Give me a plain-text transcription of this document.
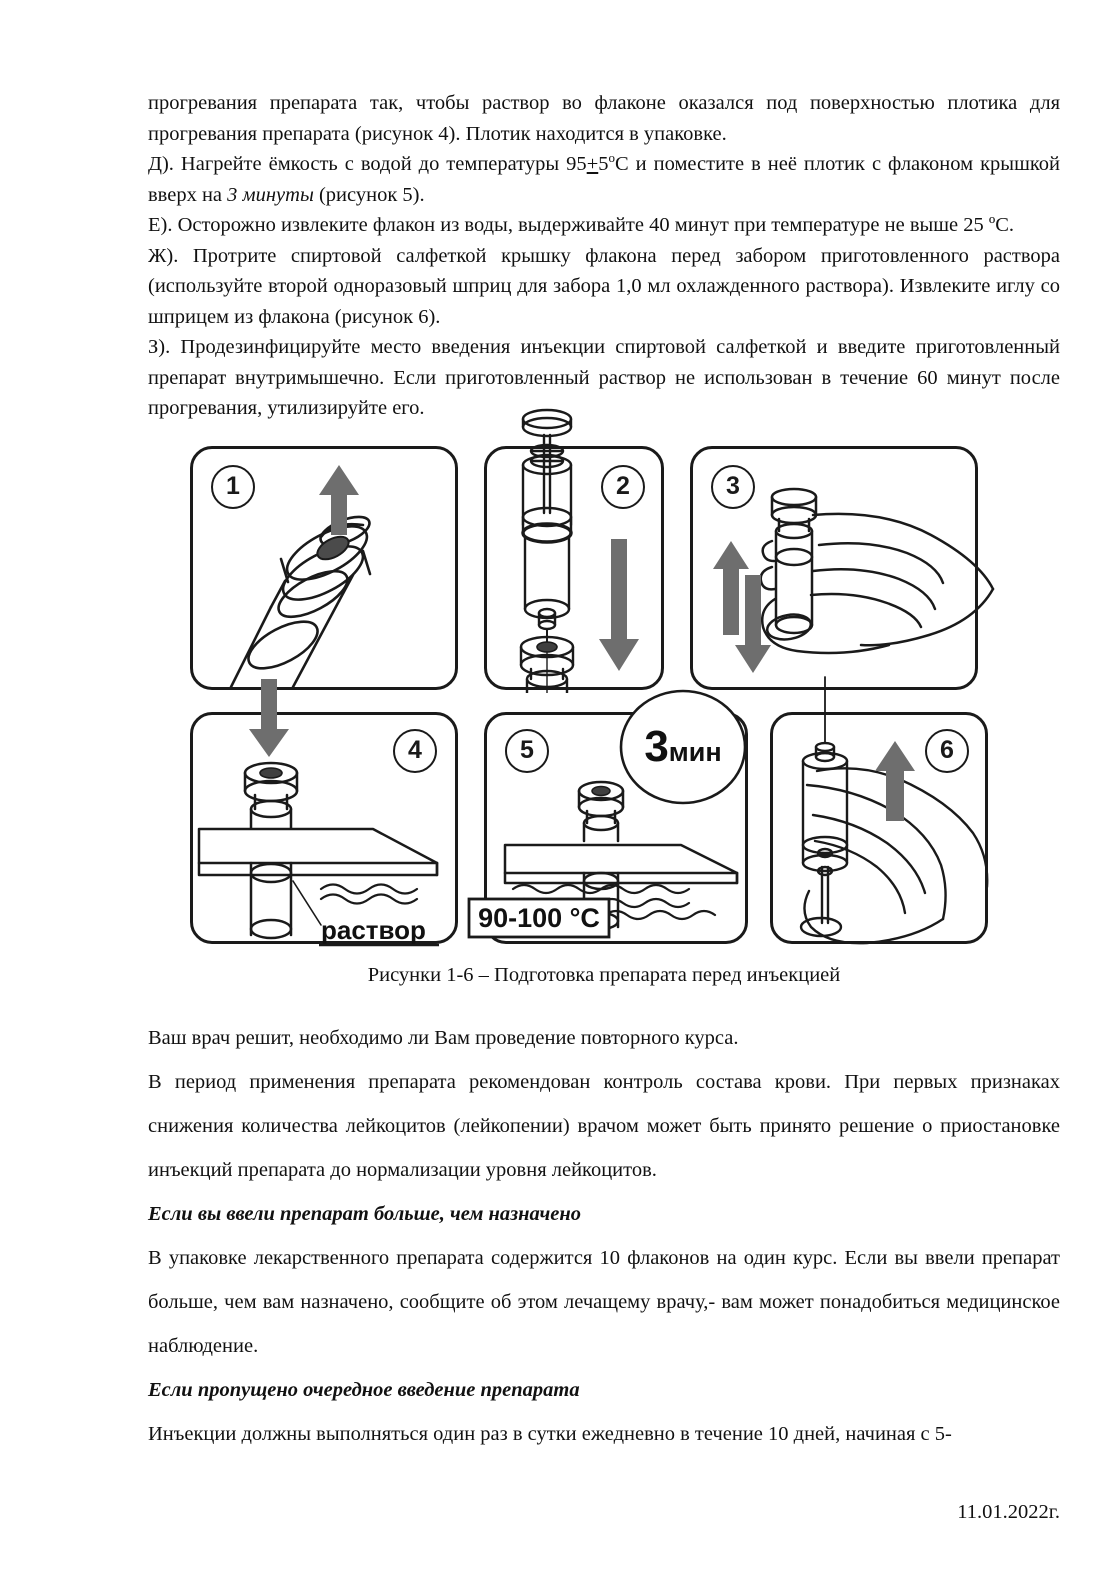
прогревания препарата так, чтобы раствор во флаконе оказался под поверхностью плотика для прогревания препарата (рисунок 4). Плотик находится в упаковке.

Д). Нагрейте ёмкость с водой до температуры $95+5^оС$ и поместите в неё плотик с флаконом крышкой вверх на 3 минуты (рисунок 5).

Е). Осторожно извлеките флакон из воды, выдерживайте 40 минут при температуре не выше 25 ºС.

Ж). Протрите спиртовой салфеткой крышку флакона перед забором приготовленного раствора (используйте второй одноразовый шприц для забора 1,0 мл охлажденного раствора). Извлеките иглу со шприцем из флакона (рисунок 6).

З). Продезинфицируйте место введения инъекции спиртовой салфеткой и введите приготовленный препарат внутримышечно. Если приготовленный раствор не использован в течение 60 минут после прогревания, утилизируйте его.

1	2	3
4
раствор
5	3мин
90-100 °C
6

Рисунки 1-6 – Подготовка препарата перед инъекцией

Ваш врач решит, необходимо ли Вам проведение повторного курса.

В период применения препарата рекомендован контроль состава крови. При первых признаках снижения количества лейкоцитов (лейкопении) врачом может быть принято решение о приостановке инъекций препарата до нормализации уровня лейкоцитов.

Если вы ввели препарат больше, чем назначено

В упаковке лекарственного препарата содержится 10 флаконов на один курс. Если вы ввели препарат больше, чем вам назначено, сообщите об этом лечащему врачу,- вам может понадобиться медицинское наблюдение.

Если пропущено очередное введение препарата

Инъекции должны выполняться один раз в сутки ежедневно в течение 10 дней, начиная с 5-

11.01.2022г.
